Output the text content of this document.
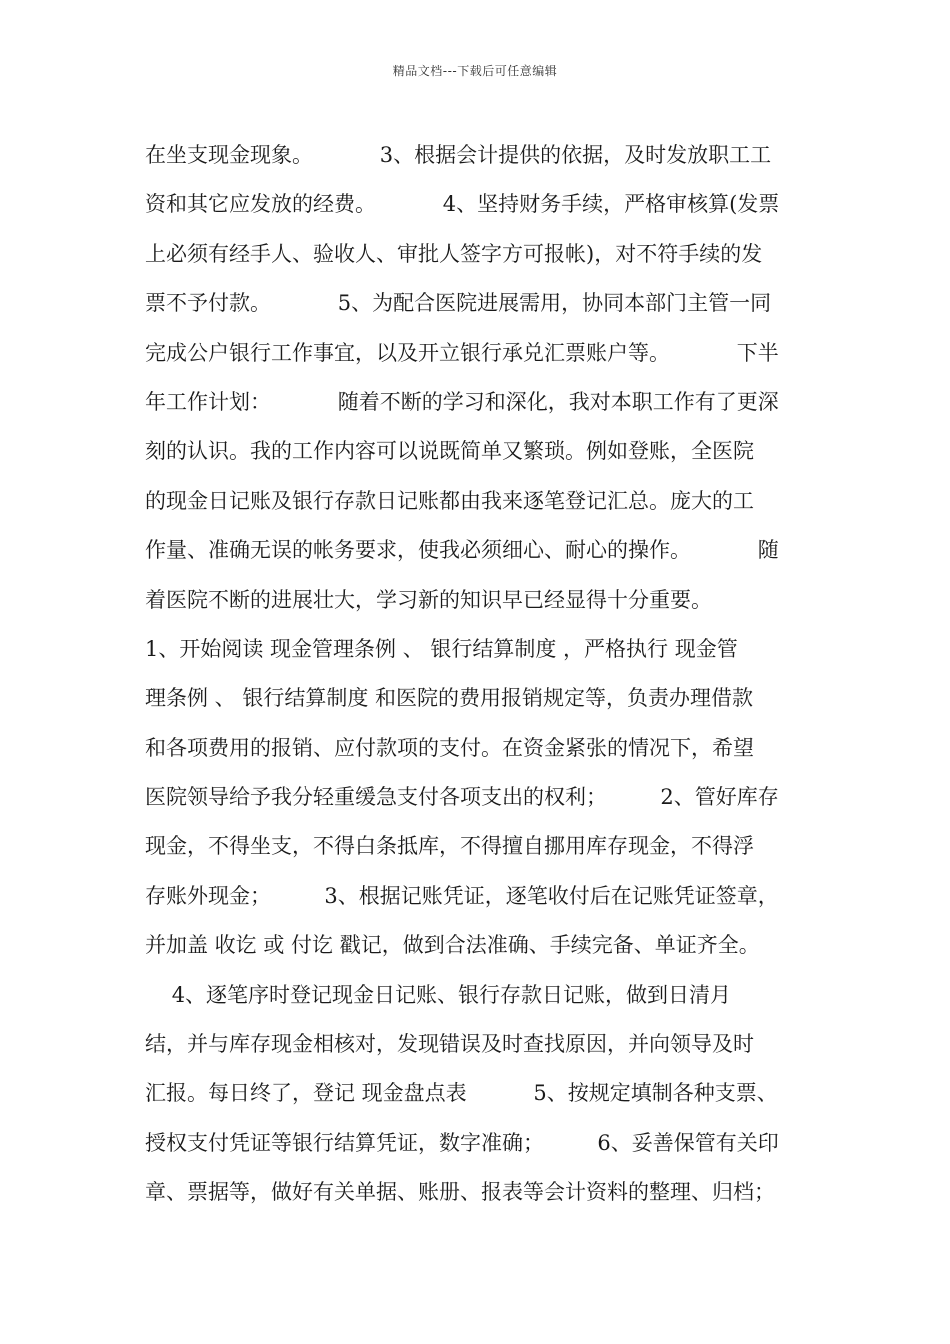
精品文档---下载后可任意编辑
在坐支现金现象。          3、根据会计提供的依据，及时发放职工工
资和其它应发放的经费。          4、坚持财务手续，严格审核算(发票
上必须有经手人、验收人、审批人签字方可报帐)，对不符手续的发
票不予付款。          5、为配合医院进展需用，协同本部门主管一同
完成公户银行工作事宜，以及开立银行承兑汇票账户等。          下半
年工作计划：          随着不断的学习和深化，我对本职工作有了更深
刻的认识。我的工作内容可以说既简单又繁琐。例如登账，全医院
的现金日记账及银行存款日记账都由我来逐笔登记汇总。庞大的工
作量、准确无误的帐务要求，使我必须细心、耐心的操作。          随
着医院不断的进展壮大，学习新的知识早已经显得十分重要。
1、开始阅读 现金管理条例 、 银行结算制度 ，严格执行 现金管
理条例 、 银行结算制度 和医院的费用报销规定等，负责办理借款
和各项费用的报销、应付款项的支付。在资金紧张的情况下，希望
医院领导给予我分轻重缓急支付各项支出的权利；        2、管好库存
现金，不得坐支，不得白条抵库，不得擅自挪用库存现金，不得浮
存账外现金；        3、根据记账凭证，逐笔收付后在记账凭证签章，
并加盖 收讫 或 付讫 戳记，做到合法准确、手续完备、单证齐全。
4、逐笔序时登记现金日记账、银行存款日记账，做到日清月
结，并与库存现金相核对，发现错误及时查找原因，并向领导及时
汇报。每日终了，登记 现金盘点表          5、按规定填制各种支票、
授权支付凭证等银行结算凭证，数字准确；        6、妥善保管有关印
章、票据等，做好有关单据、账册、报表等会计资料的整理、归档；
